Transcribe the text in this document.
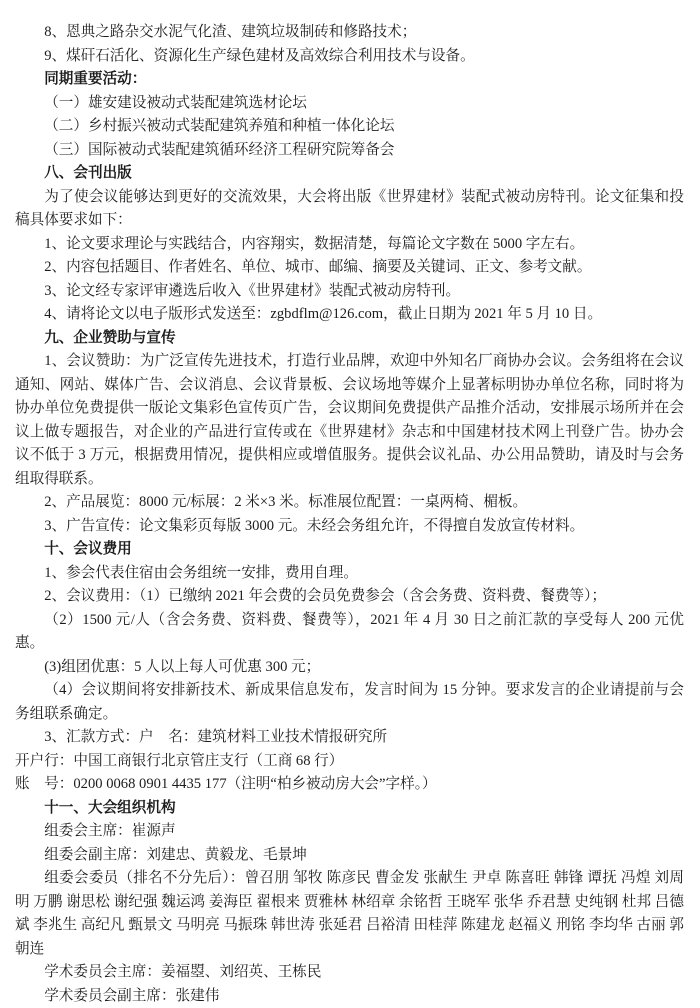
8、恩典之路杂交水泥气化渣、建筑垃圾制砖和修路技术；

9、煤矸石活化、资源化生产绿色建材及高效综合利用技术与设备。

同期重要活动：

（一）雄安建设被动式装配建筑选材论坛

（二）乡村振兴被动式装配建筑养殖和种植一体化论坛

（三）国际被动式装配建筑循环经济工程研究院筹备会

八、会刊出版

为了使会议能够达到更好的交流效果，大会将出版《世界建材》装配式被动房特刊。论文征集和投稿具体要求如下：

1、论文要求理论与实践结合，内容翔实，数据清楚，每篇论文字数在 5000 字左右。

2、内容包括题目、作者姓名、单位、城市、邮编、摘要及关键词、正文、参考文献。

3、论文经专家评审遴选后收入《世界建材》装配式被动房特刊。

4、请将论文以电子版形式发送至：zgbdflm@126.com，截止日期为 2021 年 5 月 10 日。

九、企业赞助与宣传

1、会议赞助：为广泛宣传先进技术，打造行业品牌，欢迎中外知名厂商协办会议。会务组将在会议通知、网站、媒体广告、会议消息、会议背景板、会议场地等媒介上显著标明协办单位名称，同时将为协办单位免费提供一版论文集彩色宣传页广告，会议期间免费提供产品推介活动，安排展示场所并在会议上做专题报告，对企业的产品进行宣传或在《世界建材》杂志和中国建材技术网上刊登广告。协办会议不低于 3 万元，根据费用情况，提供相应或增值服务。提供会议礼品、办公用品赞助，请及时与会务组取得联系。

2、产品展览：8000 元/标展：2 米×3 米。标准展位配置：一桌两椅、楣板。

3、广告宣传：论文集彩页每版 3000 元。未经会务组允许，不得擅自发放宣传材料。

十、会议费用

1、参会代表住宿由会务组统一安排，费用自理。

2、会议费用：（1）已缴纳 2021 年会费的会员免费参会（含会务费、资料费、餐费等）；

（2）1500 元/人（含会务费、资料费、餐费等），2021 年 4 月 30 日之前汇款的享受每人 200 元优惠。

(3)组团优惠：5 人以上每人可优惠 300 元；

（4）会议期间将安排新技术、新成果信息发布，发言时间为 15 分钟。要求发言的企业请提前与会务组联系确定。

3、汇款方式：户　名：建筑材料工业技术情报研究所

开户行：中国工商银行北京管庄支行（工商 68 行）

账　号：0200 0068 0901 4435 177（注明“柏乡被动房大会”字样。）

十一、大会组织机构

组委会主席：崔源声

组委会副主席：刘建忠、黄毅龙、毛景坤

组委会委员（排名不分先后）：曾召朋 邹牧 陈彦民 曹金发 张献生 尹卓 陈喜旺 韩锋 谭抚 冯煌 刘周明 万鹏 谢思松 谢纪强 魏运鸿 姜海臣 翟根来 贾雅林 林绍章 余铭哲 王晓军 张华 乔君慧 史纯钢 杜邦 吕德斌 李兆生 高纪凡 甄景文 马明亮 马振珠 韩世涛 张延君 吕裕清 田桂萍 陈建龙 赵福义 刑铭 李均华 古丽 郭朝连

学术委员会主席：姜福曌、刘绍英、王栋民

学术委员会副主席：张建伟
